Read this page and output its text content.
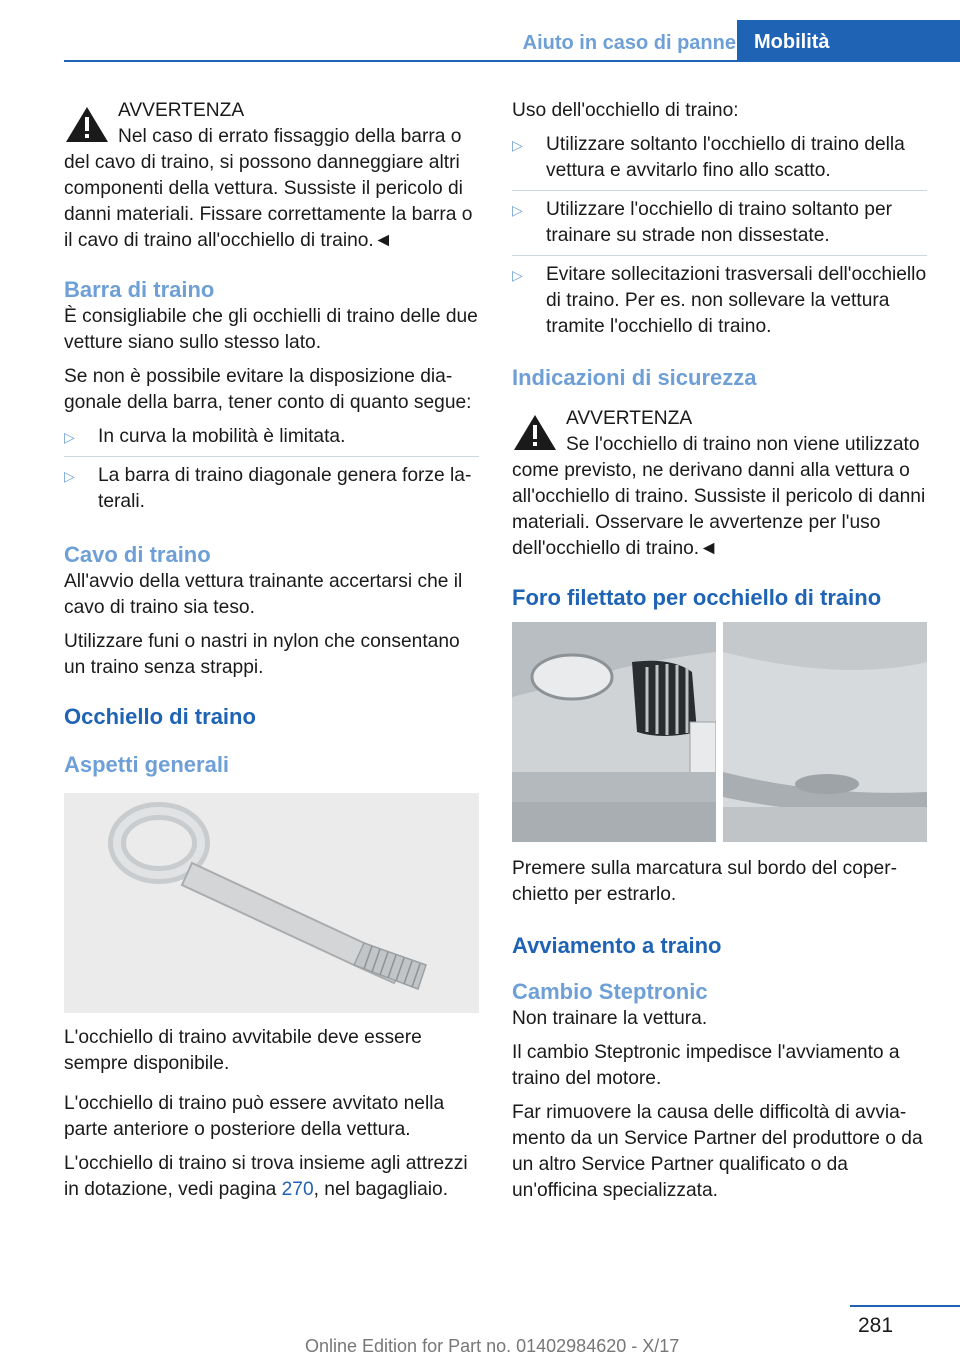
Aiuto in caso di panne Mobilità
AVVERTENZA
Nel caso di errato fissaggio della barra o del cavo di traino, si possono danneggiare altri componenti della vettura. Sussiste il pericolo di danni materiali. Fissare correttamente la barra o il cavo di traino all'occhiello di traino.◄
Barra di traino

È consigliabile che gli occhielli di traino delle due vetture siano sullo stesso lato.

Se non è possibile evitare la disposizione diagonale della barra, tener conto di quanto segue:

▷ In curva la mobilità è limitata.
▷ La barra di traino diagonale genera forze laterali.
Cavo di traino

All'avvio della vettura trainante accertarsi che il cavo di traino sia teso.

Utilizzare funi o nastri in nylon che consentano un traino senza strappi.

Occhiello di traino
Aspetti generali

L'occhiello di traino avvitabile deve essere sempre disponibile.

L'occhiello di traino può essere avvitato nella parte anteriore o posteriore della vettura.

L'occhiello di traino si trova insieme agli attrezzi in dotazione, vedi pagina 270, nel bagagliaio.

Uso dell'occhiello di traino:

▷ Utilizzare soltanto l'occhiello di traino della vettura e avvitarlo fino allo scatto.
▷ Utilizzare l'occhiello di traino soltanto per trainare su strade non dissestate.
▷ Evitare sollecitazioni trasversali dell'occhiello di traino. Per es. non sollevare la vettura tramite l'occhiello di traino.
Indicazioni di sicurezza
AVVERTENZA
Se l'occhiello di traino non viene utilizzato come previsto, ne derivano danni alla vettura o all'occhiello di traino. Sussiste il pericolo di danni materiali. Osservare le avvertenze per l'uso dell'occhiello di traino.◄
Foro filettato per occhiello di traino

Premere sulla marcatura sul bordo del coperchietto per estrarlo.

Avviamento a traino
Cambio Steptronic

Non trainare la vettura.

Il cambio Steptronic impedisce l'avviamento a traino del motore.

Far rimuovere la causa delle difficoltà di avviamento da un Service Partner del produttore o da un altro Service Partner qualificato o da un'officina specializzata.

281
Online Edition for Part no. 01402984620 - X/17
